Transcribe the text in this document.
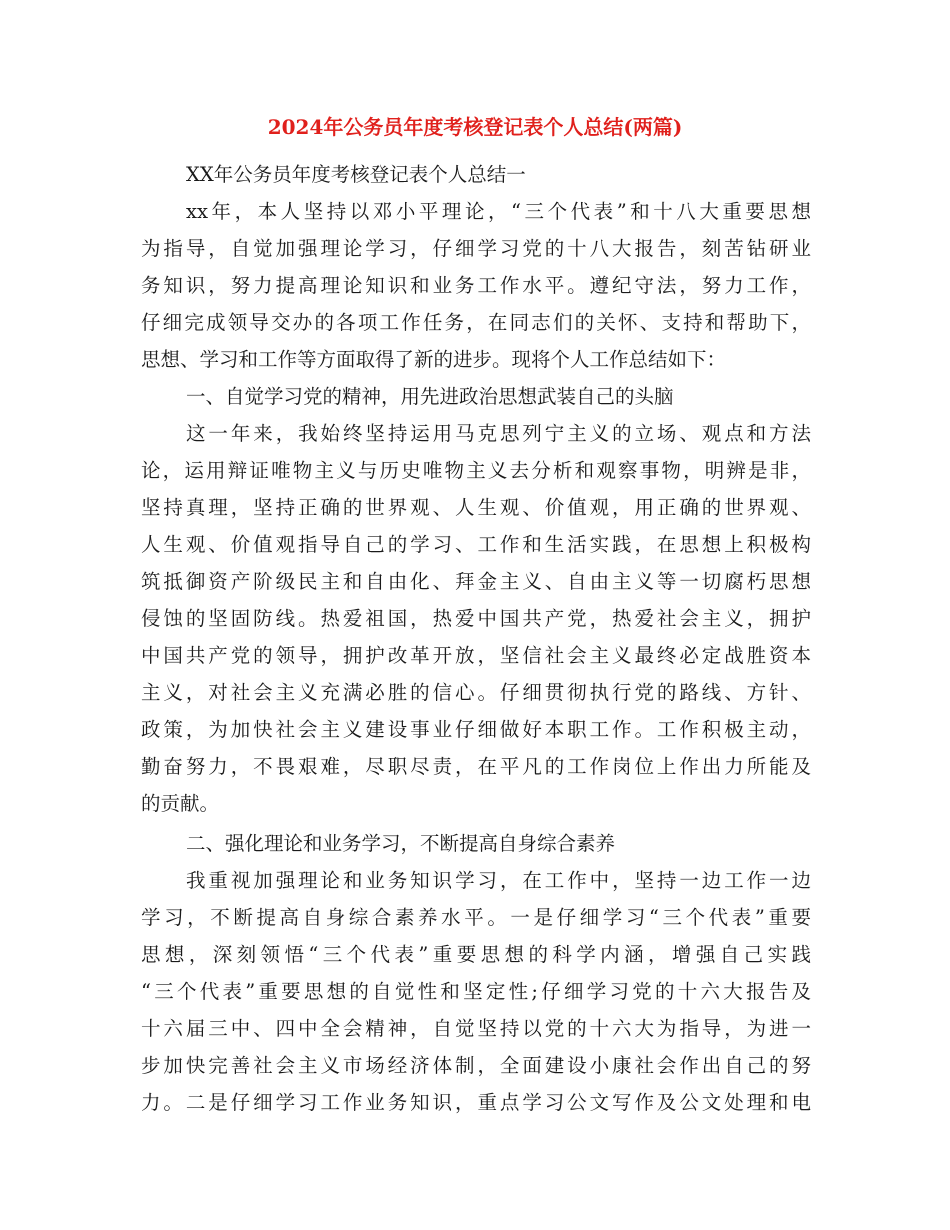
2024年公务员年度考核登记表个人总结(两篇)
XX年公务员年度考核登记表个人总结一
xx年，本人坚持以邓小平理论，“三个代表”和十八大重要思想
为指导，自觉加强理论学习，仔细学习党的十八大报告，刻苦钻研业
务知识，努力提高理论知识和业务工作水平。遵纪守法，努力工作，
仔细完成领导交办的各项工作任务，在同志们的关怀、支持和帮助下，
思想、学习和工作等方面取得了新的进步。现将个人工作总结如下：
一、自觉学习党的精神，用先进政治思想武装自己的头脑
这一年来，我始终坚持运用马克思列宁主义的立场、观点和方法
论，运用辩证唯物主义与历史唯物主义去分析和观察事物，明辨是非，
坚持真理，坚持正确的世界观、人生观、价值观，用正确的世界观、
人生观、价值观指导自己的学习、工作和生活实践，在思想上积极构
筑抵御资产阶级民主和自由化、拜金主义、自由主义等一切腐朽思想
侵蚀的坚固防线。热爱祖国，热爱中国共产党，热爱社会主义，拥护
中国共产党的领导，拥护改革开放，坚信社会主义最终必定战胜资本
主义，对社会主义充满必胜的信心。仔细贯彻执行党的路线、方针、
政策，为加快社会主义建设事业仔细做好本职工作。工作积极主动，
勤奋努力，不畏艰难，尽职尽责，在平凡的工作岗位上作出力所能及
的贡献。
二、强化理论和业务学习，不断提高自身综合素养
我重视加强理论和业务知识学习，在工作中，坚持一边工作一边
学习，不断提高自身综合素养水平。一是仔细学习“三个代表”重要
思想，深刻领悟“三个代表”重要思想的科学内涵，增强自己实践
“三个代表”重要思想的自觉性和坚定性;仔细学习党的十六大报告及
十六届三中、四中全会精神，自觉坚持以党的十六大为指导，为进一
步加快完善社会主义市场经济体制，全面建设小康社会作出自己的努
力。二是仔细学习工作业务知识，重点学习公文写作及公文处理和电
